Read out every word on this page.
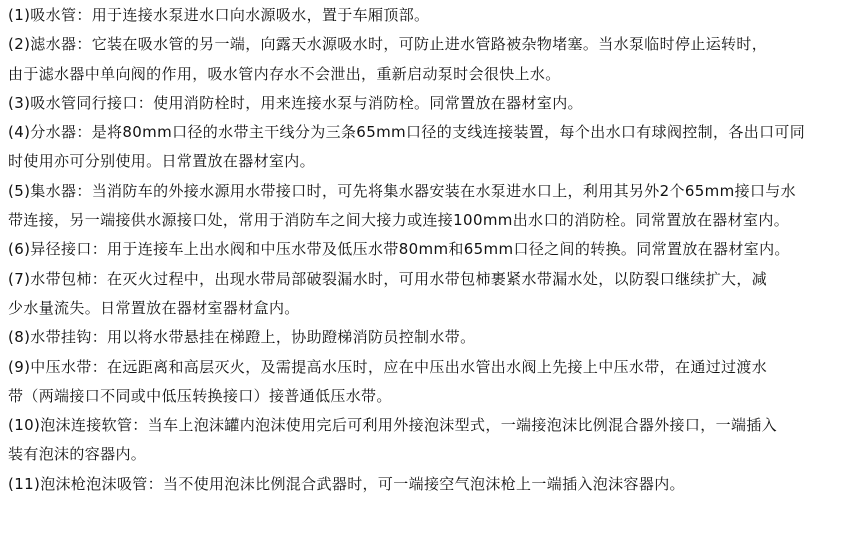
(1)吸水管：用于连接水泵进水口向水源吸水，置于车厢顶部。
(2)滤水器：它装在吸水管的另一端，向露天水源吸水时，可防止进水管路被杂物堵塞。当水泵临时停止运转时，
由于滤水器中单向阀的作用，吸水管内存水不会泄出，重新启动泵时会很快上水。
(3)吸水管同行接口：使用消防栓时，用来连接水泵与消防栓。同常置放在器材室内。
(4)分水器：是将80mm口径的水带主干线分为三条65mm口径的支线连接装置，每个出水口有球阀控制，各出口可同
时使用亦可分别使用。日常置放在器材室内。
(5)集水器：当消防车的外接水源用水带接口时，可先将集水器安装在水泵进水口上，利用其另外2个65mm接口与水
带连接，另一端接供水源接口处，常用于消防车之间大接力或连接100mm出水口的消防栓。同常置放在器材室内。
(6)异径接口：用于连接车上出水阀和中压水带及低压水带80mm和65mm口径之间的转换。同常置放在器材室内。
(7)水带包柿：在灭火过程中，出现水带局部破裂漏水时，可用水带包柿裹紧水带漏水处，以防裂口继续扩大，减
少水量流失。日常置放在器材室器材盒内。
(8)水带挂钩：用以将水带悬挂在梯蹬上，协助蹬梯消防员控制水带。
(9)中压水带：在远距离和高层灭火，及需提高水压时，应在中压出水管出水阀上先接上中压水带，在通过过渡水
带（两端接口不同或中低压转换接口）接普通低压水带。
(10)泡沫连接软管：当车上泡沫罐内泡沫使用完后可利用外接泡沫型式，一端接泡沫比例混合器外接口，一端插入
装有泡沫的容器内。
(11)泡沫枪泡沫吸管：当不使用泡沫比例混合武器时，可一端接空气泡沫枪上一端插入泡沫容器内。
